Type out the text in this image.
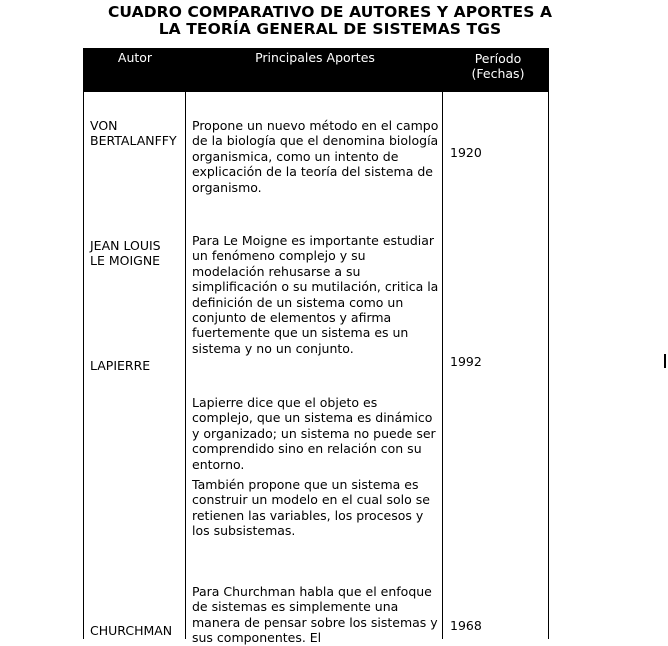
CUADRO COMPARATIVO DE AUTORES Y APORTES A
LA TEORÍA GENERAL DE SISTEMAS TGS
Autor	Principales Aportes	Período
(Fechas)
VON
BERTALANFFY
Propone un nuevo método en el campo de la biología que el denomina biología organismica, como un intento de explicación de la teoría del sistema de organismo.
1920
JEAN LOUIS
LE MOIGNE
Para Le Moigne es importante estudiar un fenómeno complejo y su modelación rehusarse a su simplificación o su mutilación, critica la definición de un sistema como un conjunto de elementos y afirma fuertemente que un sistema es un sistema y no un conjunto.
1992
LAPIERRE

Lapierre dice que el objeto es complejo, que un sistema es dinámico y organizado; un sistema no puede ser comprendido sino en relación con su entorno.

También propone que un sistema es construir un modelo en el cual solo se retienen las variables, los procesos y los subsistemas.

CHURCHMAN
Para Churchman habla que el enfoque de sistemas es simplemente una manera de pensar sobre los sistemas y sus componentes. El
1968
